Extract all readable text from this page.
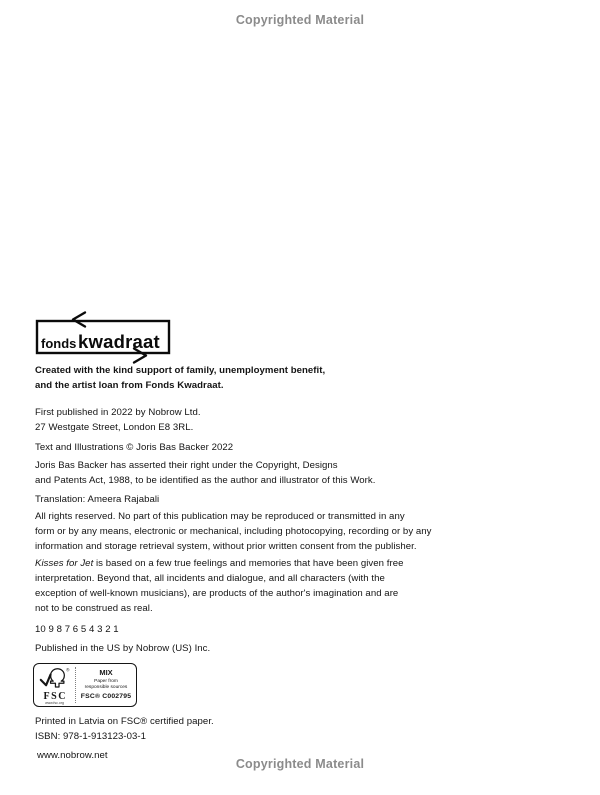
Copyrighted Material
fonds kwadraat
Created with the kind support of family, unemployment benefit,
and the artist loan from Fonds Kwadraat.
First published in 2022 by Nobrow Ltd.
27 Westgate Street, London E8 3RL.
Text and Illustrations © Joris Bas Backer 2022
Joris Bas Backer has asserted their right under the Copyright, Designs
and Patents Act, 1988, to be identified as the author and illustrator of this Work.
Translation: Ameera Rajabali
All rights reserved. No part of this publication may be reproduced or transmitted in any
form or by any means, electronic or mechanical, including photocopying, recording or by any
information and storage retrieval system, without prior written consent from the publisher.
Kisses for Jet is based on a few true feelings and memories that have been given free
interpretation. Beyond that, all incidents and dialogue, and all characters (with the
exception of well-known musicians), are products of the author's imagination and are
not to be construed as real.
10 9 8 7 6 5 4 3 2 1
Published in the US by Nobrow (US) Inc.
®
FSC
www.fsc.org
MIX
Paper from
responsible sources
FSC® C002795
Printed in Latvia on FSC® certified paper.
ISBN: 978-1-913123-03-1
www.nobrow.net
Copyrighted Material
